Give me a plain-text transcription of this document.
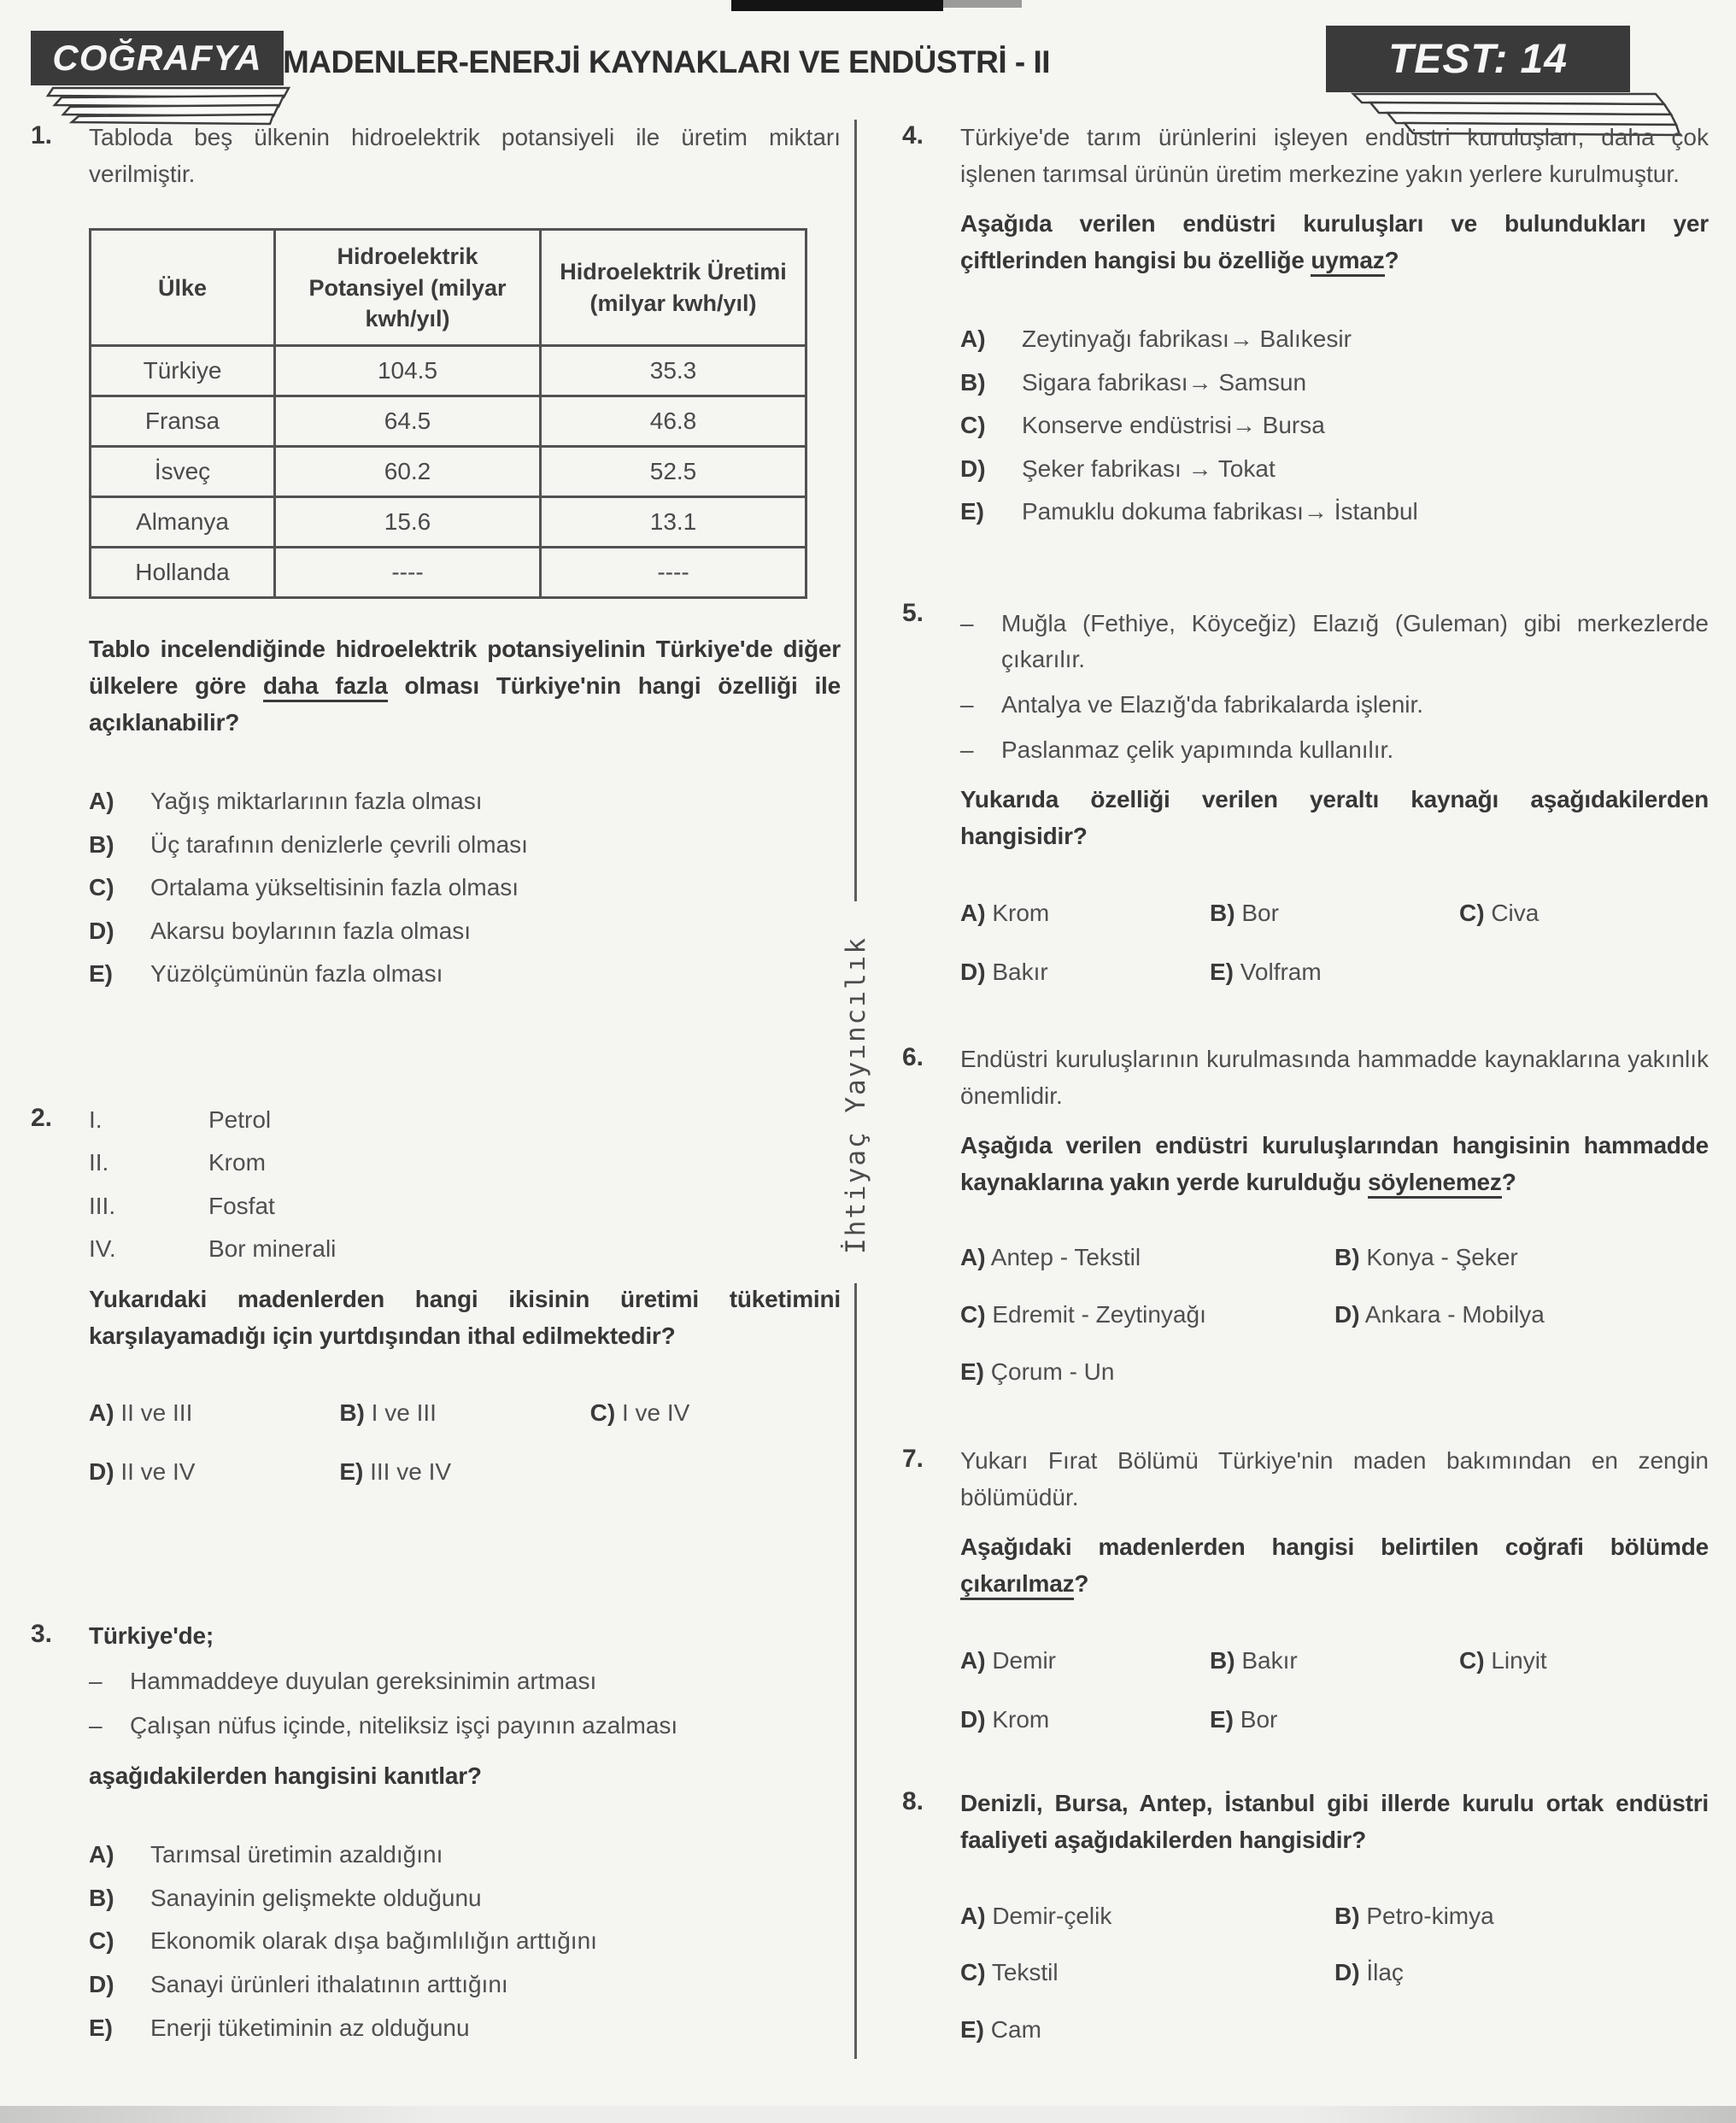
COĞRAFYA MADENLER-ENERJİ KAYNAKLARI VE ENDÜSTRİ - II	TEST: 14
İhtiyaç Yayıncılık
1.	Tabloda beş ülkenin hidroelektrik potansiyeli ile üretim miktarı verilmiştir.
Ülke	Hidroelektrik Potansiyel (milyar kwh/yıl)	Hidroelektrik Üretimi (milyar kwh/yıl)
Türkiye	104.5	35.3
Fransa	64.5	46.8
İsveç	60.2	52.5
Almanya	15.6	13.1
Hollanda	----	----
Tablo incelendiğinde hidroelektrik potansiyelinin Türkiye'de diğer ülkelere göre daha fazla olması Türkiye'nin hangi özelliği ile açıklanabilir?
A)	Yağış miktarlarının fazla olması
B)	Üç tarafının denizlerle çevrili olması
C)	Ortalama yükseltisinin fazla olması
D)	Akarsu boylarının fazla olması
E)	Yüzölçümünün fazla olması
2.	I.	Petrol
II.	Krom
III.	Fosfat
IV.	Bor minerali
Yukarıdaki madenlerden hangi ikisinin üretimi tüketimini karşılayamadığı için yurtdışından ithal edilmektedir?
A) II ve III	B) I ve III	C) I ve IV
D) II ve IV	E) III ve IV
3.	Türkiye'de;
–	Hammaddeye duyulan gereksinimin artması
–	Çalışan nüfus içinde, niteliksiz işçi payının azalması
aşağıdakilerden hangisini kanıtlar?
A)	Tarımsal üretimin azaldığını
B)	Sanayinin gelişmekte olduğunu
C)	Ekonomik olarak dışa bağımlılığın arttığını
D)	Sanayi ürünleri ithalatının arttığını
E)	Enerji tüketiminin az olduğunu
4.	Türkiye'de tarım ürünlerini işleyen endüstri kuruluşları, daha çok işlenen tarımsal ürünün üretim merkezine yakın yerlere kurulmuştur.
Aşağıda verilen endüstri kuruluşları ve bulundukları yer çiftlerinden hangisi bu özelliğe uymaz?
A)	Zeytinyağı fabrikası→ Balıkesir
B)	Sigara fabrikası→ Samsun
C)	Konserve endüstrisi→ Bursa
D)	Şeker fabrikası → Tokat
E)	Pamuklu dokuma fabrikası→ İstanbul
5.	–	Muğla (Fethiye, Köyceğiz) Elazığ (Guleman) gibi merkezlerde çıkarılır.
–	Antalya ve Elazığ'da fabrikalarda işlenir.
–	Paslanmaz çelik yapımında kullanılır.
Yukarıda özelliği verilen yeraltı kaynağı aşağıdakilerden hangisidir?
A) Krom	B) Bor	C) Civa
D) Bakır	E) Volfram
6.	Endüstri kuruluşlarının kurulmasında hammadde kaynaklarına yakınlık önemlidir.
Aşağıda verilen endüstri kuruluşlarından hangisinin hammadde kaynaklarına yakın yerde kurulduğu söylenemez?
A) Antep - Tekstil	B) Konya - Şeker
C) Edremit - Zeytinyağı	D) Ankara - Mobilya
E) Çorum - Un
7.	Yukarı Fırat Bölümü Türkiye'nin maden bakımından en zengin bölümüdür.
Aşağıdaki madenlerden hangisi belirtilen coğrafi bölümde çıkarılmaz?
A) Demir	B) Bakır	C) Linyit
D) Krom	E) Bor
8.	Denizli, Bursa, Antep, İstanbul gibi illerde kurulu ortak endüstri faaliyeti aşağıdakilerden hangisidir?
A) Demir-çelik	B) Petro-kimya
C) Tekstil	D) İlaç
E) Cam
